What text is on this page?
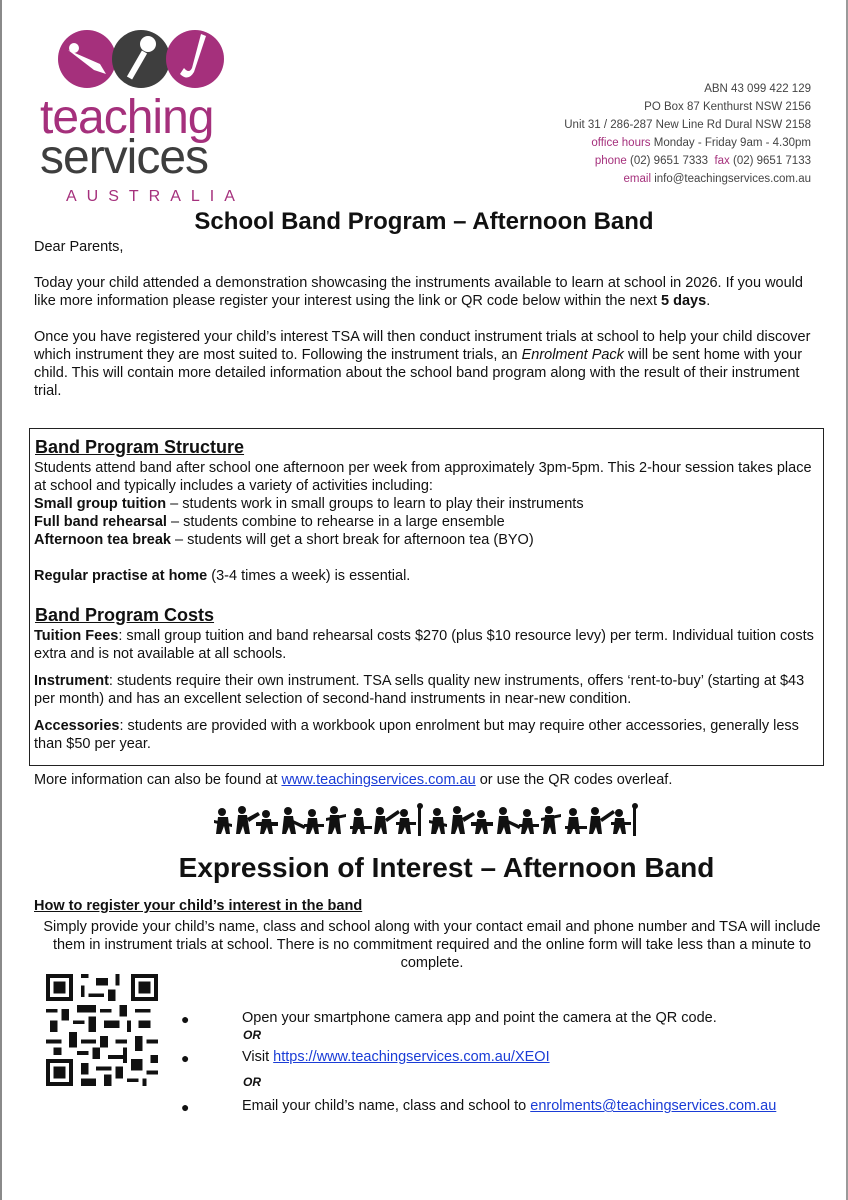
teaching
services
AUSTRALIA
ABN 43 099 422 129
PO Box 87 Kenthurst NSW 2156
Unit 31 / 286-287 New Line Rd Dural NSW 2158
office hours Monday - Friday 9am - 4.30pm
phone (02) 9651 7333 fax (02) 9651 7133
email info@teachingservices.com.au
School Band Program – Afternoon Band
Dear Parents,
Today your child attended a demonstration showcasing the instruments available to learn at school in 2026. If you would like more information please register your interest using the link or QR code below within the next 5 days.
Once you have registered your child’s interest TSA will then conduct instrument trials at school to help your child discover which instrument they are most suited to. Following the instrument trials, an Enrolment Pack will be sent home with your child. This will contain more detailed information about the school band program along with the result of their instrument trial.
Band Program Structure
Students attend band after school one afternoon per week from approximately 3pm-5pm. This 2-hour session takes place at school and typically includes a variety of activities including:
Small group tuition – students work in small groups to learn to play their instruments
Full band rehearsal – students combine to rehearse in a large ensemble
Afternoon tea break – students will get a short break for afternoon tea (BYO)
Regular practise at home (3-4 times a week) is essential.
Band Program Costs
Tuition Fees: small group tuition and band rehearsal costs $270 (plus $10 resource levy) per term. Individual tuition costs extra and is not available at all schools.
Instrument: students require their own instrument. TSA sells quality new instruments, offers ‘rent-to-buy’ (starting at $43 per month) and has an excellent selection of second-hand instruments in near-new condition.
Accessories: students are provided with a workbook upon enrolment but may require other accessories, generally less than $50 per year.
More information can also be found at www.teachingservices.com.au or use the QR codes overleaf.
Expression of Interest – Afternoon Band
How to register your child’s interest in the band
Simply provide your child’s name, class and school along with your contact email and phone number and TSA will include them in instrument trials at school. There is no commitment required and the online form will take less than a minute to complete.
●	Open your smartphone camera app and point the camera at the QR code.
OR
●	Visit https://www.teachingservices.com.au/XEOI
OR
●	Email your child’s name, class and school to enrolments@teachingservices.com.au
